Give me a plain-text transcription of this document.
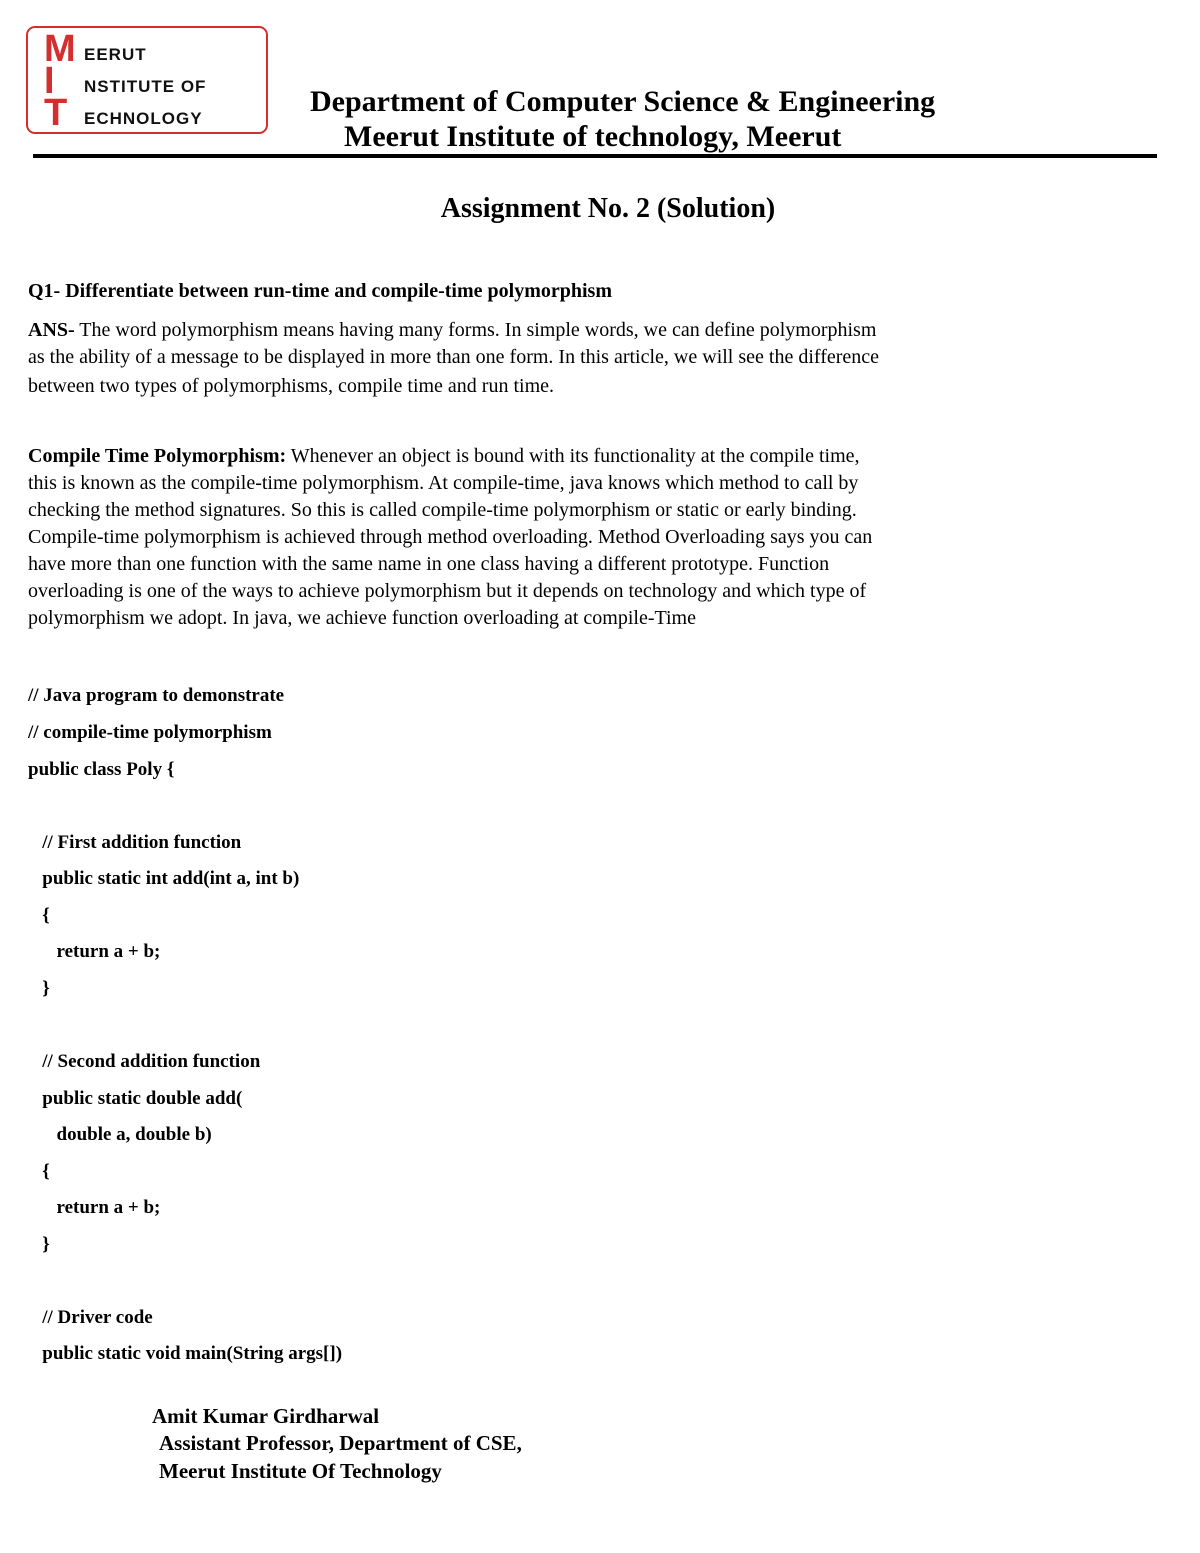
M EERUT
I NSTITUTE OF
T ECHNOLOGY
Department of Computer Science & Engineering
Meerut Institute of technology, Meerut
Assignment No. 2 (Solution)
Q1- Differentiate between run-time and compile-time polymorphism
ANS- The word polymorphism means having many forms. In simple words, we can define polymorphism
as the ability of a message to be displayed in more than one form. In this article, we will see the difference
between two types of polymorphisms, compile time and run time.
Compile Time Polymorphism: Whenever an object is bound with its functionality at the compile time,
this is known as the compile-time polymorphism. At compile-time, java knows which method to call by
checking the method signatures. So this is called compile-time polymorphism or static or early binding.
Compile-time polymorphism is achieved through method overloading. Method Overloading says you can
have more than one function with the same name in one class having a different prototype. Function
overloading is one of the ways to achieve polymorphism but it depends on technology and which type of
polymorphism we adopt. In java, we achieve function overloading at compile-Time
// Java program to demonstrate
// compile-time polymorphism
public class Poly {
// First addition function
public static int add(int a, int b)
{
return a + b;
}
// Second addition function
public static double add(
double a, double b)
{
return a + b;
}
// Driver code
public static void main(String args[])
Amit Kumar Girdharwal
Assistant Professor, Department of CSE,
Meerut Institute Of Technology
